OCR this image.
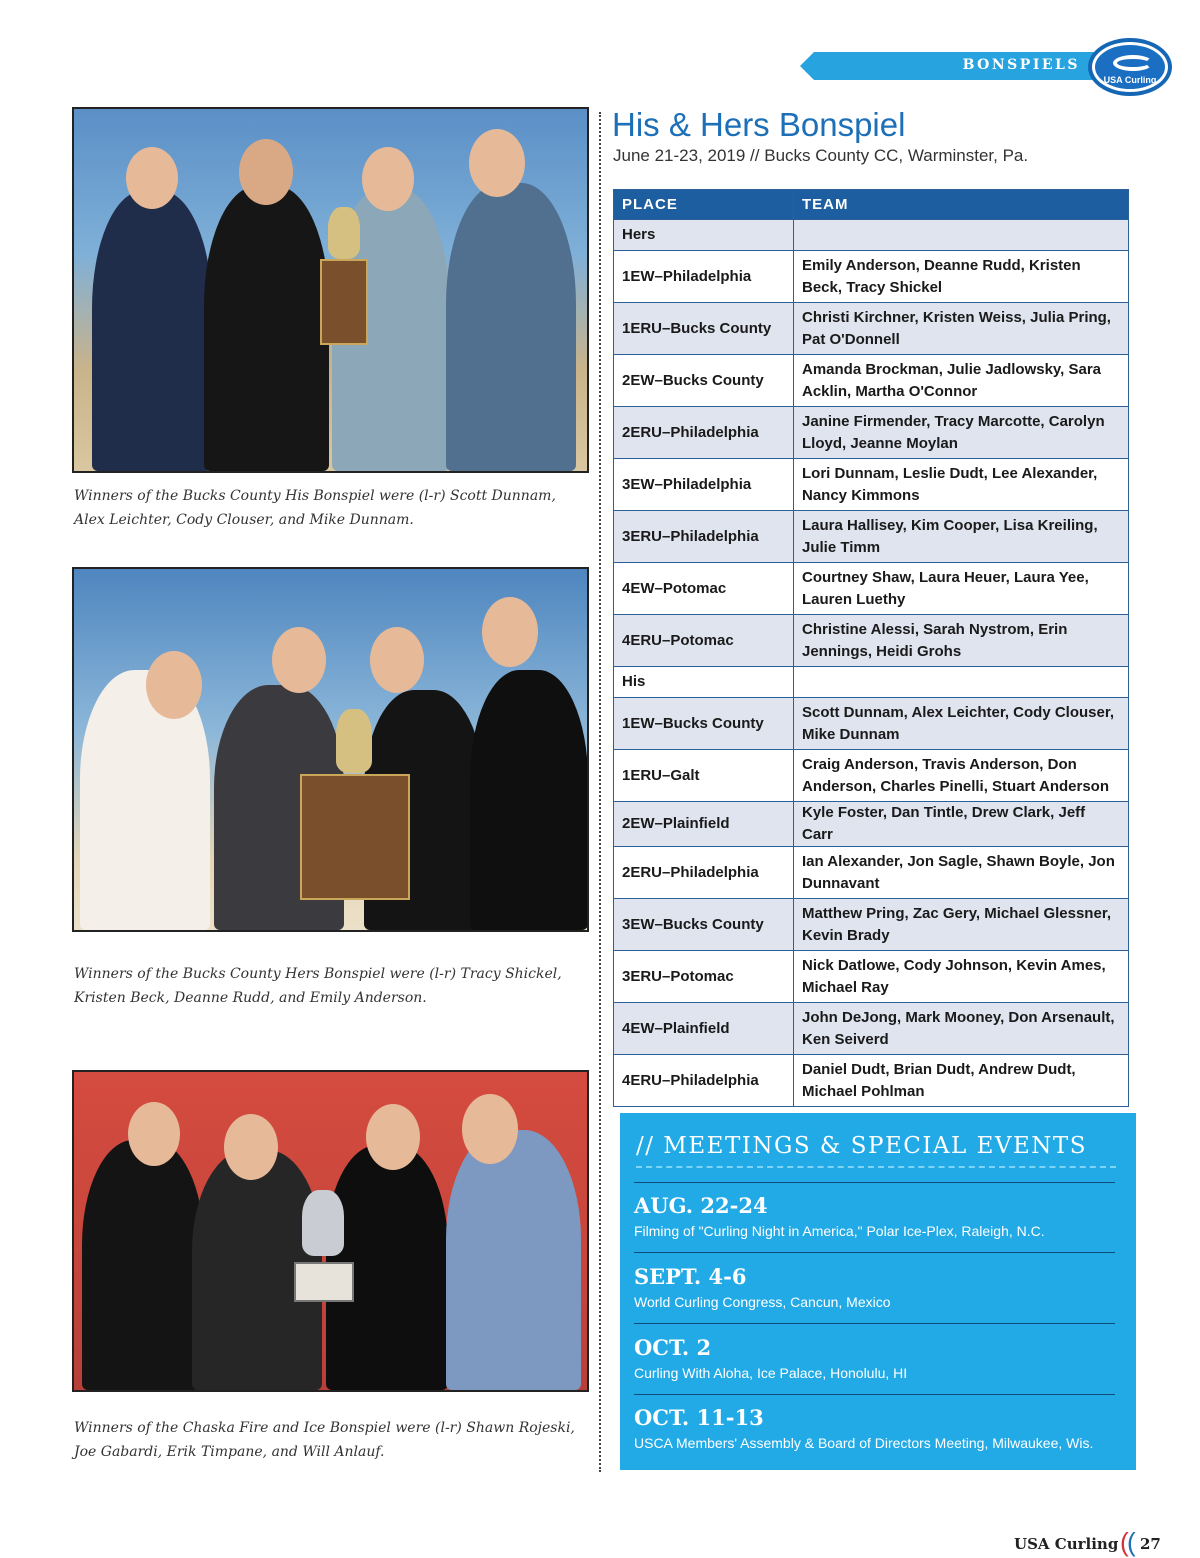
BONSPIELS
USA Curling
Winners of the Bucks County His Bonspiel were (l-r) Scott Dunnam, Alex Leichter, Cody Clouser, and Mike Dunnam.
Winners of the Bucks County Hers Bonspiel were (l-r) Tracy Shickel, Kristen Beck, Deanne Rudd, and Emily Anderson.
Winners of the Chaska Fire and Ice Bonspiel were (l-r) Shawn Rojeski, Joe Gabardi, Erik Timpane, and Will Anlauf.
His & Hers Bonspiel
June 21-23, 2019 // Bucks County CC, Warminster, Pa.
PLACE	TEAM
Hers	
1EW–Philadelphia	Emily Anderson, Deanne Rudd, Kristen Beck, Tracy Shickel
1ERU–Bucks County	Christi Kirchner, Kristen Weiss, Julia Pring, Pat O'Donnell
2EW–Bucks County	Amanda Brockman, Julie Jadlowsky, Sara Acklin, Martha O'Connor
2ERU–Philadelphia	Janine Firmender, Tracy Marcotte, Carolyn Lloyd, Jeanne Moylan
3EW–Philadelphia	Lori Dunnam, Leslie Dudt, Lee Alexander, Nancy Kimmons
3ERU–Philadelphia	Laura Hallisey, Kim Cooper, Lisa Kreiling, Julie Timm
4EW–Potomac	Courtney Shaw, Laura Heuer, Laura Yee, Lauren Luethy
4ERU–Potomac	Christine Alessi, Sarah Nystrom, Erin Jennings, Heidi Grohs
His	
1EW–Bucks County	Scott Dunnam, Alex Leichter, Cody Clouser, Mike Dunnam
1ERU–Galt	Craig Anderson, Travis Anderson, Don Anderson, Charles Pinelli, Stuart Anderson
2EW–Plainfield	Kyle Foster, Dan Tintle, Drew Clark, Jeff Carr
2ERU–Philadelphia	Ian Alexander, Jon Sagle, Shawn Boyle, Jon Dunnavant
3EW–Bucks County	Matthew Pring, Zac Gery, Michael Glessner, Kevin Brady
3ERU–Potomac	Nick Datlowe, Cody Johnson, Kevin Ames, Michael Ray
4EW–Plainfield	John DeJong, Mark Mooney, Don Arsenault, Ken Seiverd
4ERU–Philadelphia	Daniel Dudt, Brian Dudt, Andrew Dudt, Michael Pohlman
// MEETINGS & SPECIAL EVENTS
AUG. 22-24
Filming of "Curling Night in America," Polar Ice-Plex, Raleigh, N.C.
SEPT. 4-6
World Curling Congress, Cancun, Mexico
OCT. 2
Curling With Aloha, Ice Palace, Honolulu, HI
OCT. 11-13
USCA Members' Assembly & Board of Directors Meeting, Milwaukee, Wis.
USA Curling (
( 27
